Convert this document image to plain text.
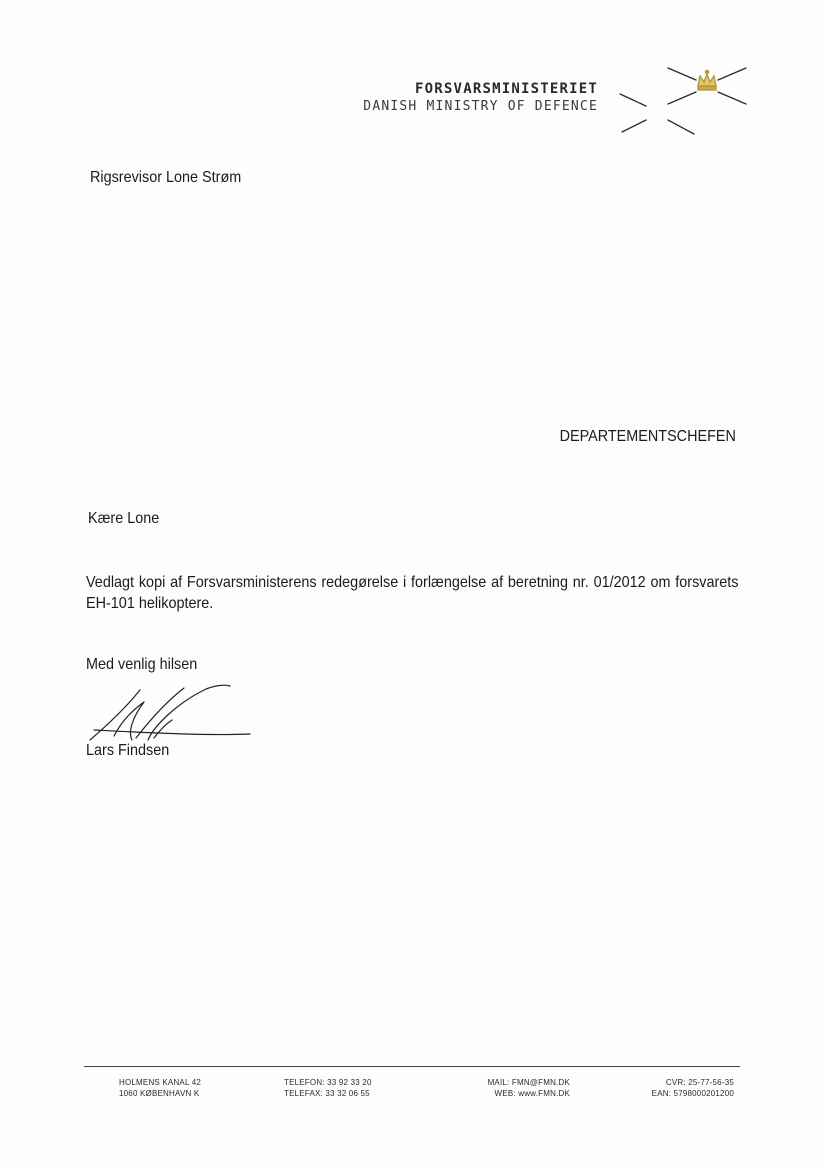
FORSVARSMINISTERIET
DANISH MINISTRY OF DEFENCE
Rigsrevisor Lone Strøm
DEPARTEMENTSCHEFEN
Kære Lone
Vedlagt kopi af Forsvarsministerens redegørelse i forlængelse af beretning nr. 01/2012 om forsvarets EH-101 helikoptere.
Med venlig hilsen
Lars Findsen
HOLMENS KANAL 42
1060 KØBENHAVN K
TELEFON: 33 92 33 20
TELEFAX: 33 32 06 55
MAIL: FMN@FMN.DK
WEB: www.FMN.DK
CVR: 25-77-56-35
EAN: 5798000201200
